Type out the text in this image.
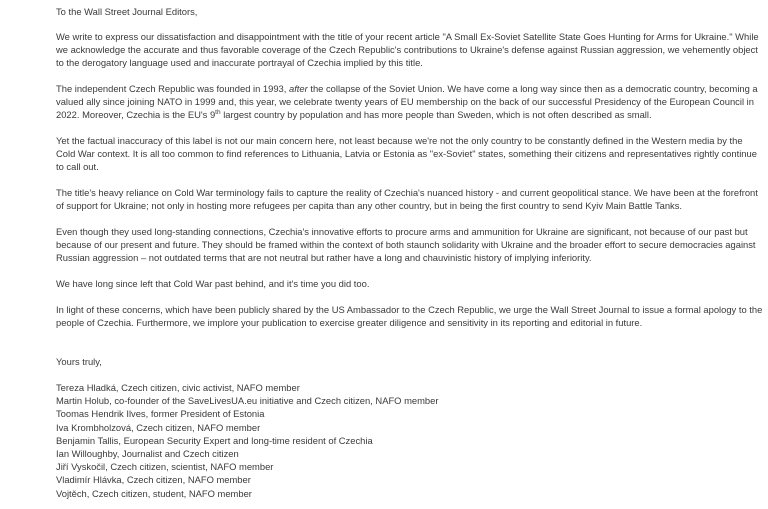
To the Wall Street Journal Editors,

We write to express our dissatisfaction and disappointment with the title of your recent article "A Small Ex-Soviet Satellite State Goes Hunting for Arms for Ukraine." While we acknowledge the accurate and thus favorable coverage of the Czech Republic's contributions to Ukraine's defense against Russian aggression, we vehemently object to the derogatory language used and inaccurate portrayal of Czechia implied by this title.

The independent Czech Republic was founded in 1993, after the collapse of the Soviet Union. We have come a long way since then as a democratic country, becoming a valued ally since joining NATO in 1999 and, this year, we celebrate twenty years of EU membership on the back of our successful Presidency of the European Council in 2022. Moreover, Czechia is the EU's 9th largest country by population and has more people than Sweden, which is not often described as small.

Yet the factual inaccuracy of this label is not our main concern here, not least because we're not the only country to be constantly defined in the Western media by the Cold War context. It is all too common to find references to Lithuania, Latvia or Estonia as "ex-Soviet" states, something their citizens and representatives rightly continue to call out.

The title's heavy reliance on Cold War terminology fails to capture the reality of Czechia's nuanced history - and current geopolitical stance. We have been at the forefront of support for Ukraine; not only in hosting more refugees per capita than any other country, but in being the first country to send Kyiv Main Battle Tanks.

Even though they used long-standing connections, Czechia's innovative efforts to procure arms and ammunition for Ukraine are significant, not because of our past but because of our present and future. They should be framed within the context of both staunch solidarity with Ukraine and the broader effort to secure democracies against Russian aggression – not outdated terms that are not neutral but rather have a long and chauvinistic history of implying inferiority.

We have long since left that Cold War past behind, and it's time you did too.

In light of these concerns, which have been publicly shared by the US Ambassador to the Czech Republic, we urge the Wall Street Journal to issue a formal apology to the people of Czechia. Furthermore, we implore your publication to exercise greater diligence and sensitivity in its reporting and editorial in future.

Yours truly,

Tereza Hladká, Czech citizen, civic activist, NAFO member
Martin Holub, co-founder of the SaveLivesUA.eu initiative and Czech citizen, NAFO member
Toomas Hendrik Ilves, former President of Estonia
Iva Krombholzová, Czech citizen, NAFO member
Benjamin Tallis, European Security Expert and long-time resident of Czechia
Ian Willoughby, Journalist and Czech citizen
Jiří Vyskočil, Czech citizen, scientist, NAFO member
Vladimír Hlávka, Czech citizen, NAFO member
Vojtěch, Czech citizen, student, NAFO member
